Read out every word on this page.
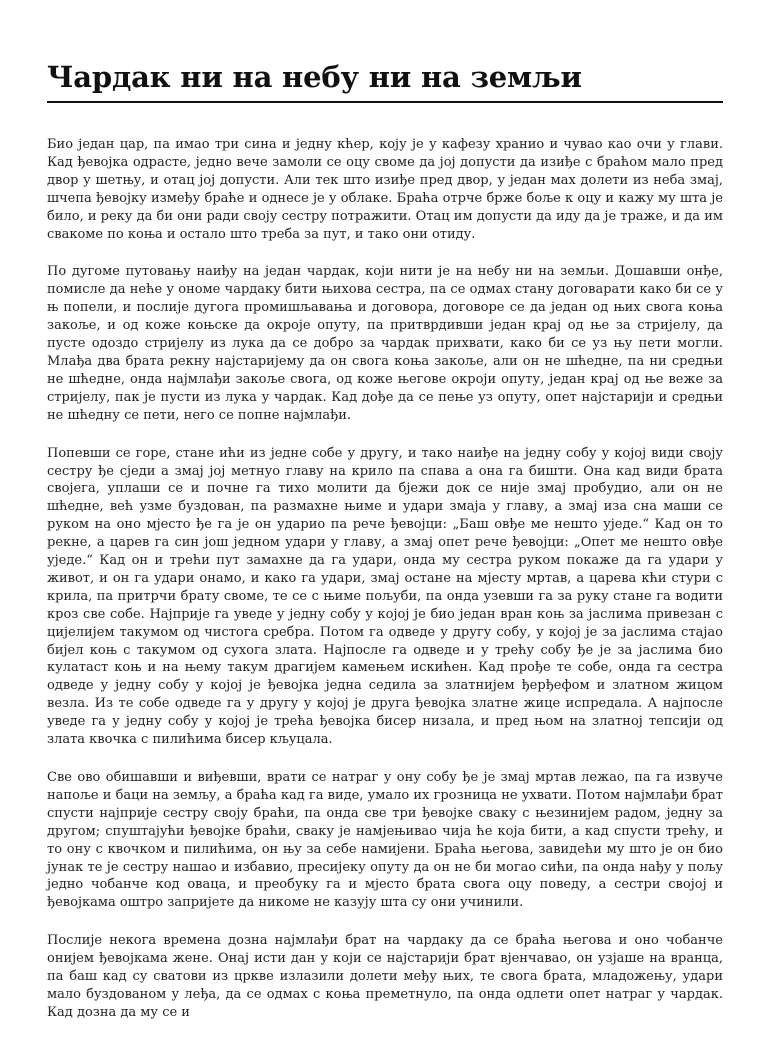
Чардак ни на небу ни на земљи

Био један цар, па имао три сина и једну кћер, коју је у кафезу хранио и чувао као очи у глави. Кад ђевојка одрасте, једно вече замоли се оцу своме да јој допусти да изиђе с браћом мало пред двор у шетњу, и отац јој допусти. Али тек што изиђе пред двор, у један мах долети из неба змај, шчепа ђевојку између браће и однесе је у облаке. Браћа отрче брже боље к оцу и кажу му шта је било, и реку да би они ради своју сестру потражити. Отац им допусти да иду да је траже, и да им свакоме по коња и остало што треба за пут, и тако они отиду.

По дугоме путовању наиђу на један чардак, који нити је на небу ни на земљи. Дошавши онђе, помисле да неће у ономе чардаку бити њихова сестра, па се одмах стану договарати како би се у њ попели, и послије дугога промишљавања и договора, договоре се да један од њих свога коња закоље, и од коже коњске да окроје опуту, па притврдивши један крај од ње за стријелу, да пусте одоздо стријелу из лука да се добро за чардак прихвати, како би се уз њу пети могли. Млађа два брата рекну најстаријему да он свога коња закоље, али он не шћедне, па ни средњи не шћедне, онда најмлађи закоље свога, од коже његове окроји опуту, један крај од ње веже за стријелу, пак је пусти из лука у чардак. Кад дође да се пење уз опуту, опет најстарији и средњи не шћедну се пети, него се попне најмлађи.

Попевши се горе, стане ићи из једне собе у другу, и тако наиђе на једну собу у којој види своју сестру ђе сједи а змај јој метнуо главу на крило па спава а она га бишти. Она кад види брата својега, уплаши се и почне га тихо молити да бјежи док се није змај пробудио, али он не шћедне, већ узме буздован, па размахне њиме и удари змаја у главу, а змај иза сна маши се руком на оно мјесто ђе га је он ударио па рече ђевојци: „Баш овђе ме нешто уједе.“ Кад он то рекне, а царев га син још једном удари у главу, а змај опет рече ђевојци: „Опет ме нешто овђе уједе.“ Кад он и трећи пут замахне да га удари, онда му сестра руком покаже да га удари у живот, и он га удари онамо, и како га удари, змај остане на мјесту мртав, а царева кћи стури с крила, па притрчи брату своме, те се с њиме пољуби, па онда узевши га за руку стане га водити кроз све собе. Најприје га уведе у једну собу у којој је био један вран коњ за јаслима привезан с цијелијем такумом од чистога сребра. Потом га одведе у другу собу, у којој је за јаслима стајао бијел коњ с такумом од сухога злата. Најпосле га одведе и у трећу собу ђе је за јаслима био кулатаст коњ и на њему такум драгијем камењем искићен. Кад прође те собе, онда га сестра одведе у једну собу у којој је ђевојка једна седила за златнијем ђерђефом и златном жицом везла. Из те собе одведе га у другу у којој је друга ђевојка златне жице испредала. А најпосле уведе га у једну собу у којој је трећа ђевојка бисер низала, и пред њом на златној тепсији од злата квочка с пилићима бисер кљуцала.

Све ово обишавши и виђевши, врати се натраг у ону собу ђе је змај мртав лежао, па га извуче напоље и баци на земљу, а браћа кад га виде, умало их грозница не ухвати. Потом најмлађи брат спусти најприје сестру своју браћи, па онда све три ђевојке сваку с њезинијем радом, једну за другом; спуштајући ђевојке браћи, сваку је намјењивао чија ће која бити, а кад спусти трећу, и то ону с квочком и пилићима, он њу за себе намијени. Браћа његова, завидећи му што је он био јунак те је сестру нашао и избавио, пресијеку опуту да он не би могао сићи, па онда нађу у пољу једно чобанче код оваца, и преобуку га и мјесто брата свога оцу поведу, а сестри својој и ђевојкама оштро запријете да никоме не казују шта су они учинили.

Послије некога времена дозна најмлађи брат на чардаку да се браћа његова и оно чобанче онијем ђевојкама жене. Онај исти дан у који се најстарији брат вјенчавао, он узјаше на вранца, па баш кад су сватови из цркве излазили долети међу њих, те свога брата, младожењу, удари мало буздованом у леђа, да се одмах с коња преметнуло, па онда одлети опет натраг у чардак. Кад дозна да му се и
